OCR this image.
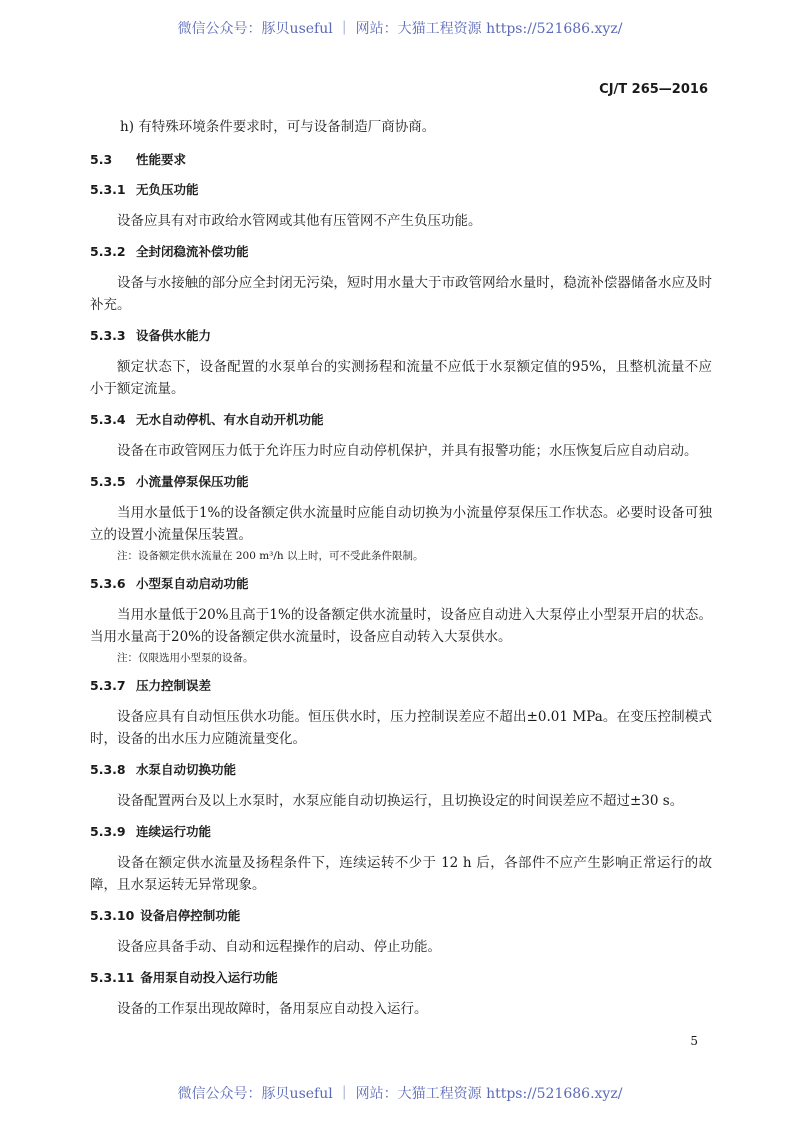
微信公众号：豚贝useful ｜ 网站：大猫工程资源 https://521686.xyz/
CJ/T 265—2016
h) 有特殊环境条件要求时，可与设备制造厂商协商。
5.3 性能要求
5.3.1 无负压功能

设备应具有对市政给水管网或其他有压管网不产生负压功能。

5.3.2 全封闭稳流补偿功能

设备与水接触的部分应全封闭无污染，短时用水量大于市政管网给水量时，稳流补偿器储备水应及时补充。

5.3.3 设备供水能力

额定状态下，设备配置的水泵单台的实测扬程和流量不应低于水泵额定值的95%，且整机流量不应小于额定流量。

5.3.4 无水自动停机、有水自动开机功能

设备在市政管网压力低于允许压力时应自动停机保护，并具有报警功能；水压恢复后应自动启动。

5.3.5 小流量停泵保压功能

当用水量低于1%的设备额定供水流量时应能自动切换为小流量停泵保压工作状态。必要时设备可独立的设置小流量保压装置。

注：设备额定供水流量在 200 m³/h 以上时，可不受此条件限制。
5.3.6 小型泵自动启动功能

当用水量低于20%且高于1%的设备额定供水流量时，设备应自动进入大泵停止小型泵开启的状态。当用水量高于20%的设备额定供水流量时，设备应自动转入大泵供水。

注：仅限选用小型泵的设备。
5.3.7 压力控制误差

设备应具有自动恒压供水功能。恒压供水时，压力控制误差应不超出±0.01 MPa。在变压控制模式时，设备的出水压力应随流量变化。

5.3.8 水泵自动切换功能

设备配置两台及以上水泵时，水泵应能自动切换运行，且切换设定的时间误差应不超过±30 s。

5.3.9 连续运行功能

设备在额定供水流量及扬程条件下，连续运转不少于 12 h 后，各部件不应产生影响正常运行的故障，且水泵运转无异常现象。

5.3.10 设备启停控制功能

设备应具备手动、自动和远程操作的启动、停止功能。

5.3.11 备用泵自动投入运行功能

设备的工作泵出现故障时，备用泵应自动投入运行。

5
微信公众号：豚贝useful ｜ 网站：大猫工程资源 https://521686.xyz/
